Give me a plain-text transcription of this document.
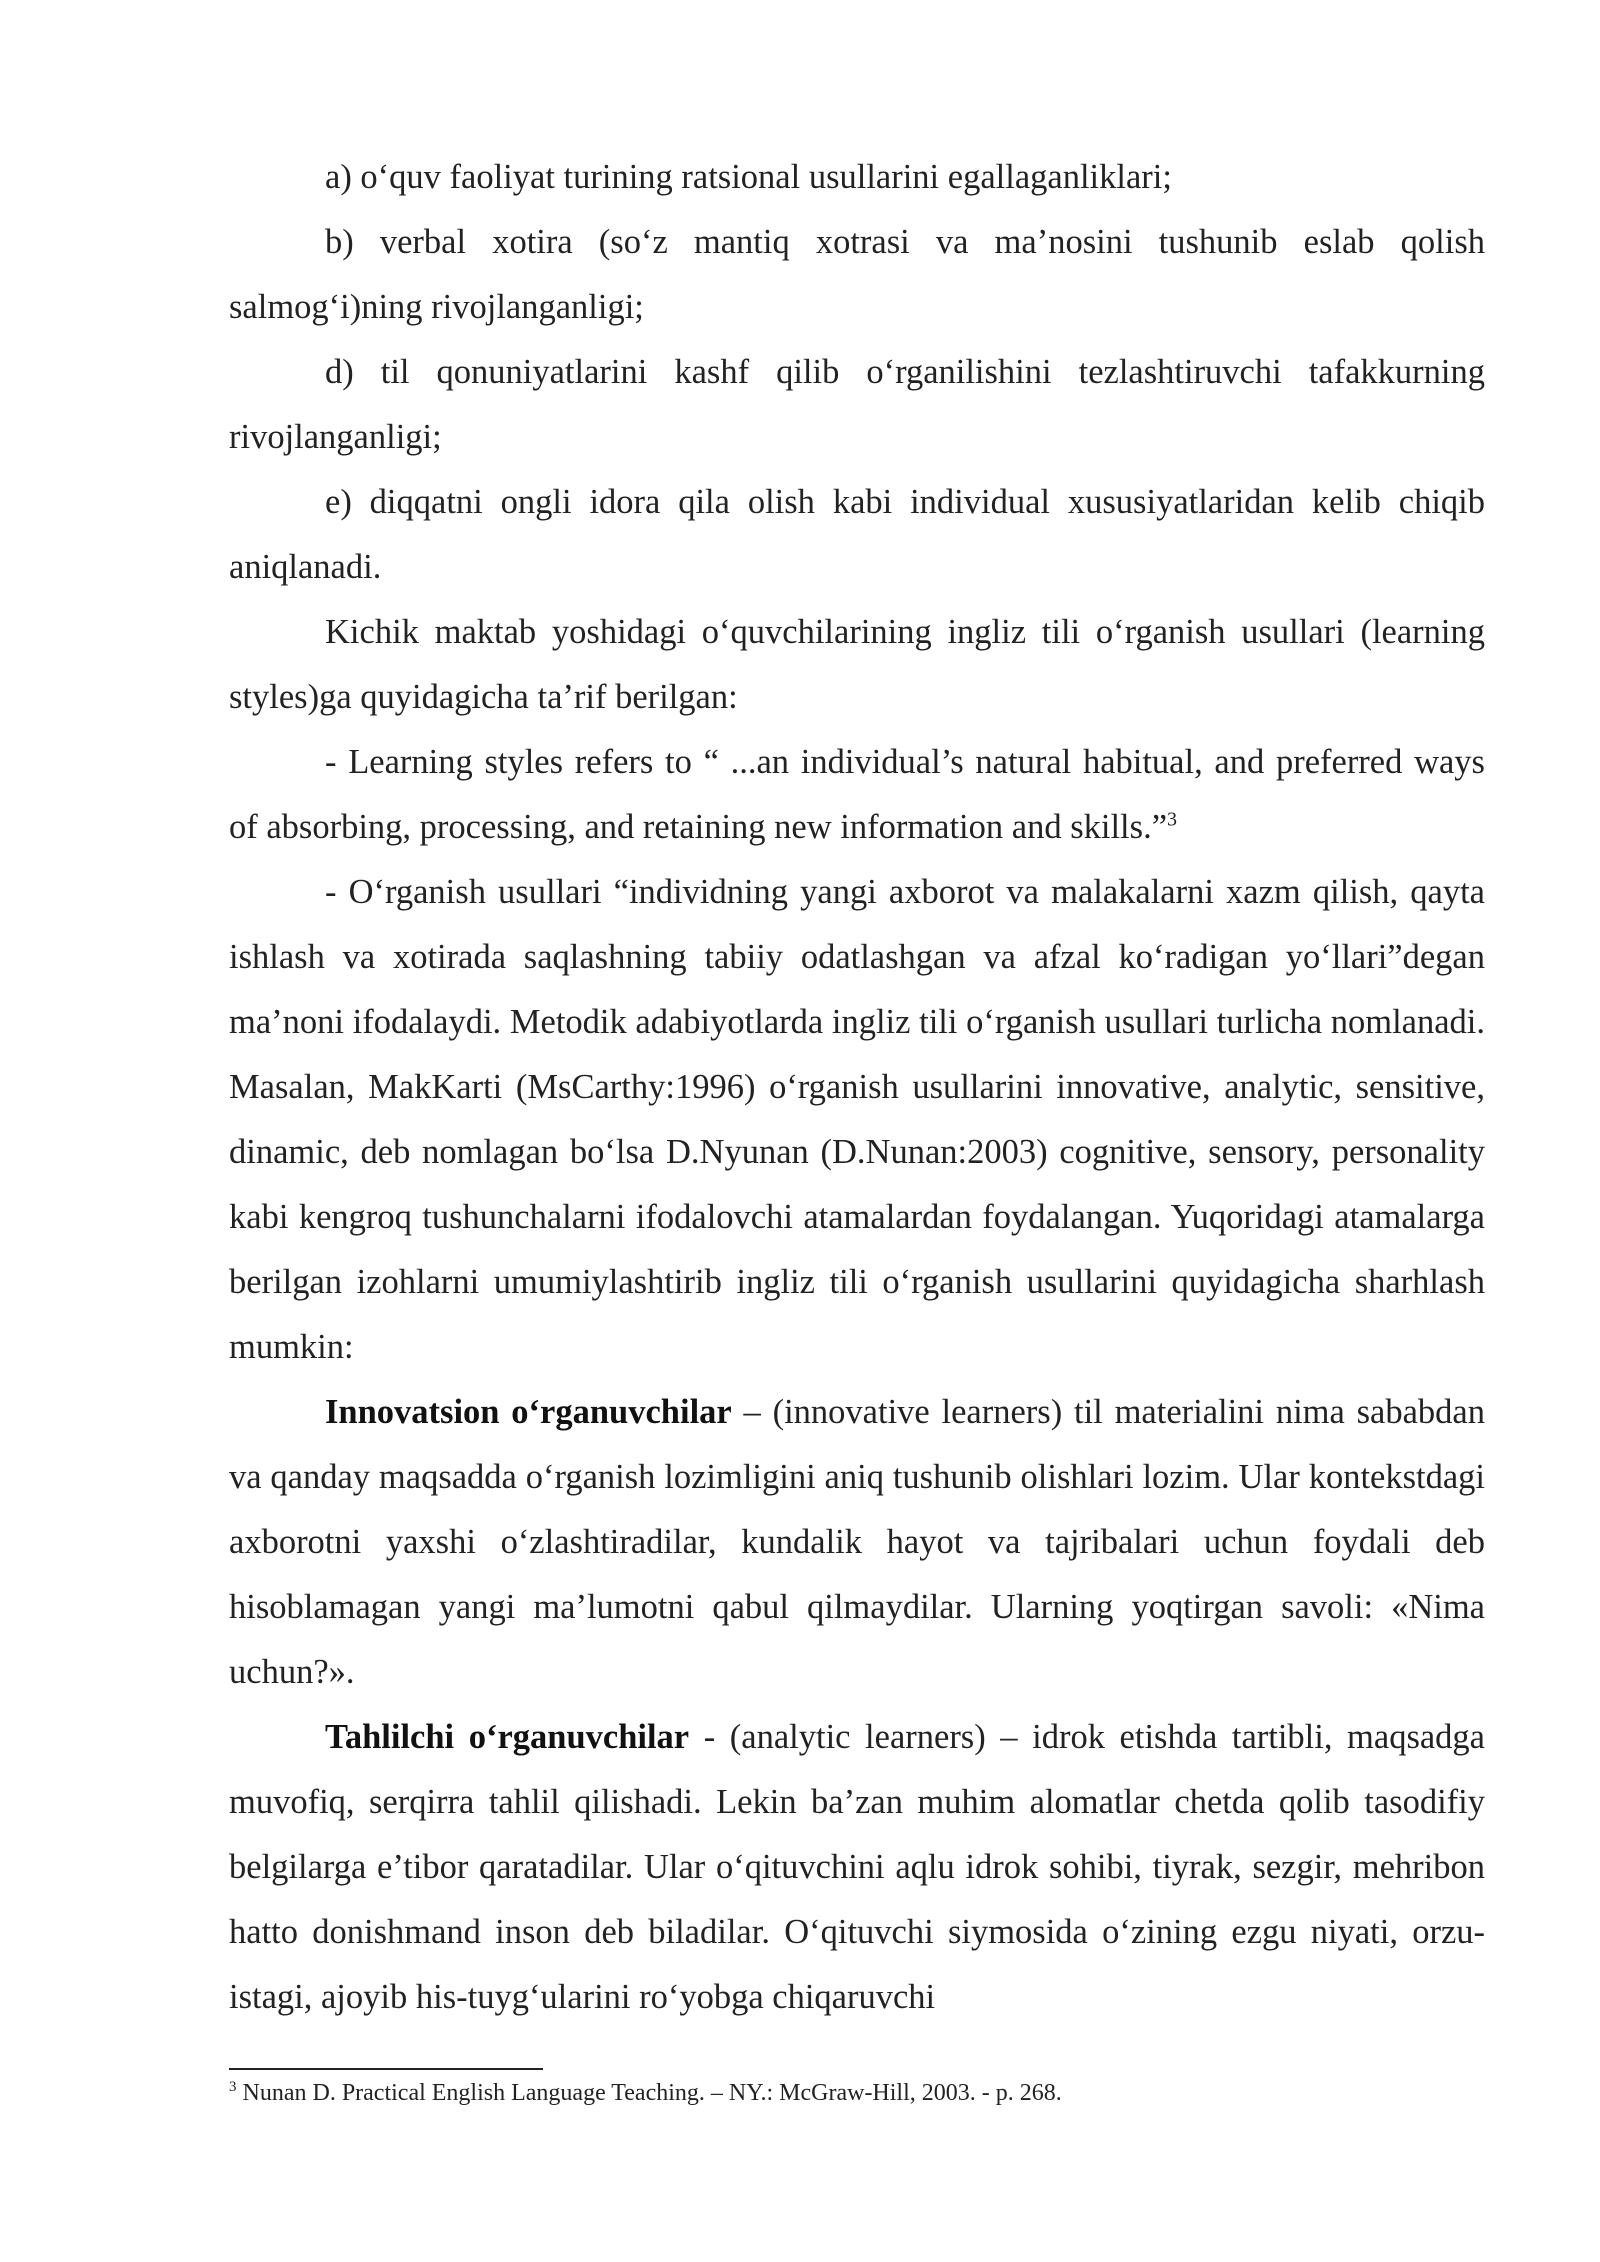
a) o‘quv faoliyat turining ratsional usullarini egallaganliklari;

b) verbal xotira (so‘z mantiq xotrasi va ma’nosini tushunib eslab qolish salmog‘i)ning rivojlanganligi;

d) til qonuniyatlarini kashf qilib o‘rganilishini tezlashtiruvchi tafakkurning rivojlanganligi;

e) diqqatni ongli idora qila olish kabi individual xususiyatlaridan kelib chiqib aniqlanadi.

Kichik maktab yoshidagi o‘quvchilarining ingliz tili o‘rganish usullari (learning styles)ga quyidagicha ta’rif berilgan:

- Learning styles refers to “ ...an individual’s natural habitual, and preferred ways of absorbing, processing, and retaining new information and skills.”$^3$

- O‘rganish usullari “individning yangi axborot va malakalarni xazm qilish, qayta ishlash va xotirada saqlashning tabiiy odatlashgan va afzal ko‘radigan yo‘llari”degan ma’noni ifodalaydi. Metodik adabiyotlarda ingliz tili o‘rganish usullari turlicha nomlanadi. Masalan, MakKarti (MsCarthy:1996) o‘rganish usullarini innovative, analytic, sensitive, dinamic, deb nomlagan bo‘lsa D.Nyunan (D.Nunan:2003) cognitive, sensory, personality kabi kengroq tushunchalarni ifodalovchi atamalardan foydalangan. Yuqoridagi atamalarga berilgan izohlarni umumiylashtirib ingliz tili o‘rganish usullarini quyidagicha sharhlash mumkin:

Innovatsion o‘rganuvchilar – (innovative learners) til materialini nima sababdan va qanday maqsadda o‘rganish lozimligini aniq tushunib olishlari lozim. Ular kontekstdagi axborotni yaxshi o‘zlashtiradilar, kundalik hayot va tajribalari uchun foydali deb hisoblamagan yangi ma’lumotni qabul qilmaydilar. Ularning yoqtirgan savoli: «Nima uchun?».

Tahlilchi o‘rganuvchilar - (analytic learners) – idrok etishda tartibli, maqsadga muvofiq, serqirra tahlil qilishadi. Lekin ba’zan muhim alomatlar chetda qolib tasodifiy belgilarga e’tibor qaratadilar. Ular o‘qituvchini aqlu idrok sohibi, tiyrak, sezgir, mehribon hatto donishmand inson deb biladilar. O‘qituvchi siymosida o‘zining ezgu niyati, orzu-istagi, ajoyib his-tuyg‘ularini ro‘yobga chiqaruvchi

$^3$ Nunan D. Practical English Language Teaching. – NY.: McGraw-Hill, 2003. - p. 268.
